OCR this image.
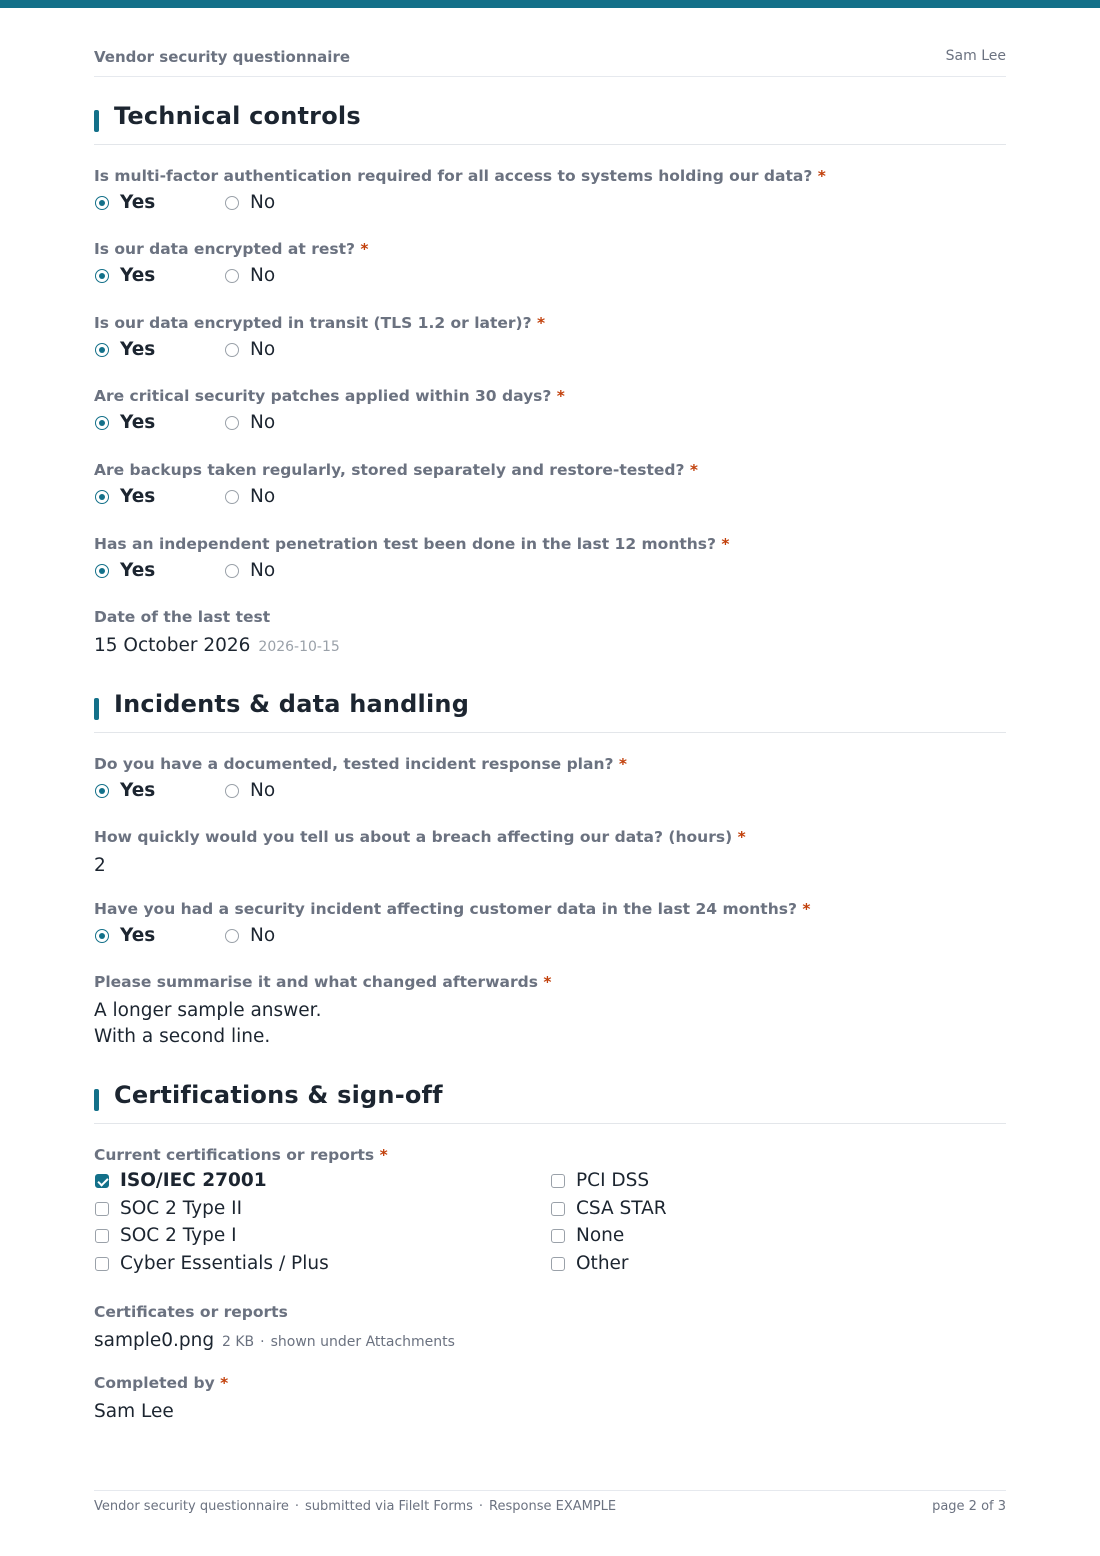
Vendor security questionnaire	Sam Lee
Technical controls
Is multi-factor authentication required for all access to systems holding our data? *
Yes	No
Is our data encrypted at rest? *
Yes	No
Is our data encrypted in transit (TLS 1.2 or later)? *
Yes	No
Are critical security patches applied within 30 days? *
Yes	No
Are backups taken regularly, stored separately and restore-tested? *
Yes	No
Has an independent penetration test been done in the last 12 months? *
Yes	No
Date of the last test
15 October 2026 2026-10-15
Incidents & data handling
Do you have a documented, tested incident response plan? *
Yes	No
How quickly would you tell us about a breach affecting our data? (hours) *
2
Have you had a security incident affecting customer data in the last 24 months? *
Yes	No
Please summarise it and what changed afterwards *
A longer sample answer.
With a second line.
Certifications & sign-off
Current certifications or reports *
ISO/IEC 27001
SOC 2 Type II
SOC 2 Type I
Cyber Essentials / Plus
PCI DSS
CSA STAR
None
Other
Certificates or reports
sample0.png 2 KB · shown under Attachments
Completed by *
Sam Lee
Vendor security questionnaire · submitted via FileIt Forms · Response EXAMPLE	page 2 of 3
